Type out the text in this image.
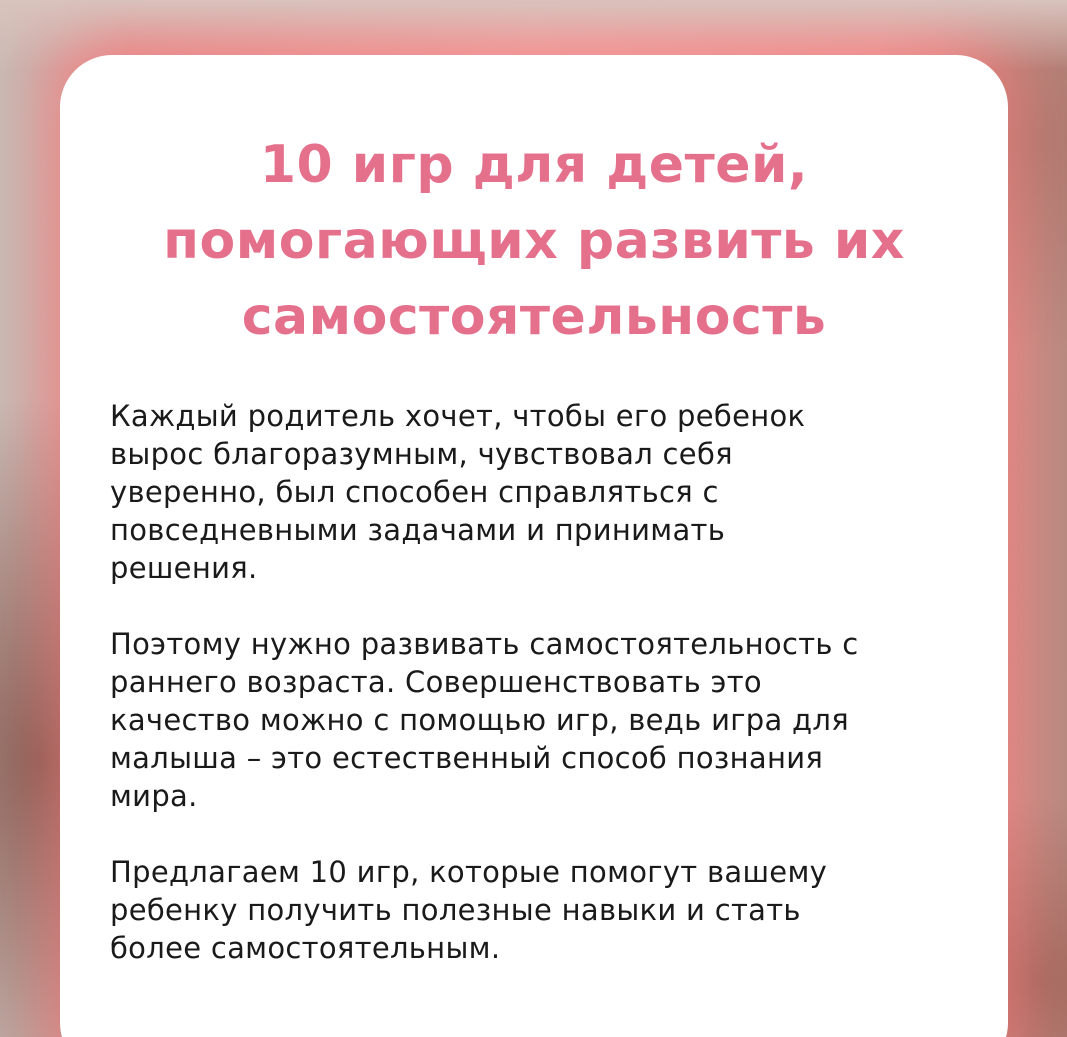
10 игр для детей,
помогающих развить их
самостоятельность

Каждый родитель хочет, чтобы его ребенок
вырос благоразумным, чувствовал себя
уверенно, был способен справляться с
повседневными задачами и принимать
решения.

Поэтому нужно развивать самостоятельность с
раннего возраста. Совершенствовать это
качество можно с помощью игр, ведь игра для
малыша – это естественный способ познания
мира.

Предлагаем 10 игр, которые помогут вашему
ребенку получить полезные навыки и стать
более самостоятельным.
